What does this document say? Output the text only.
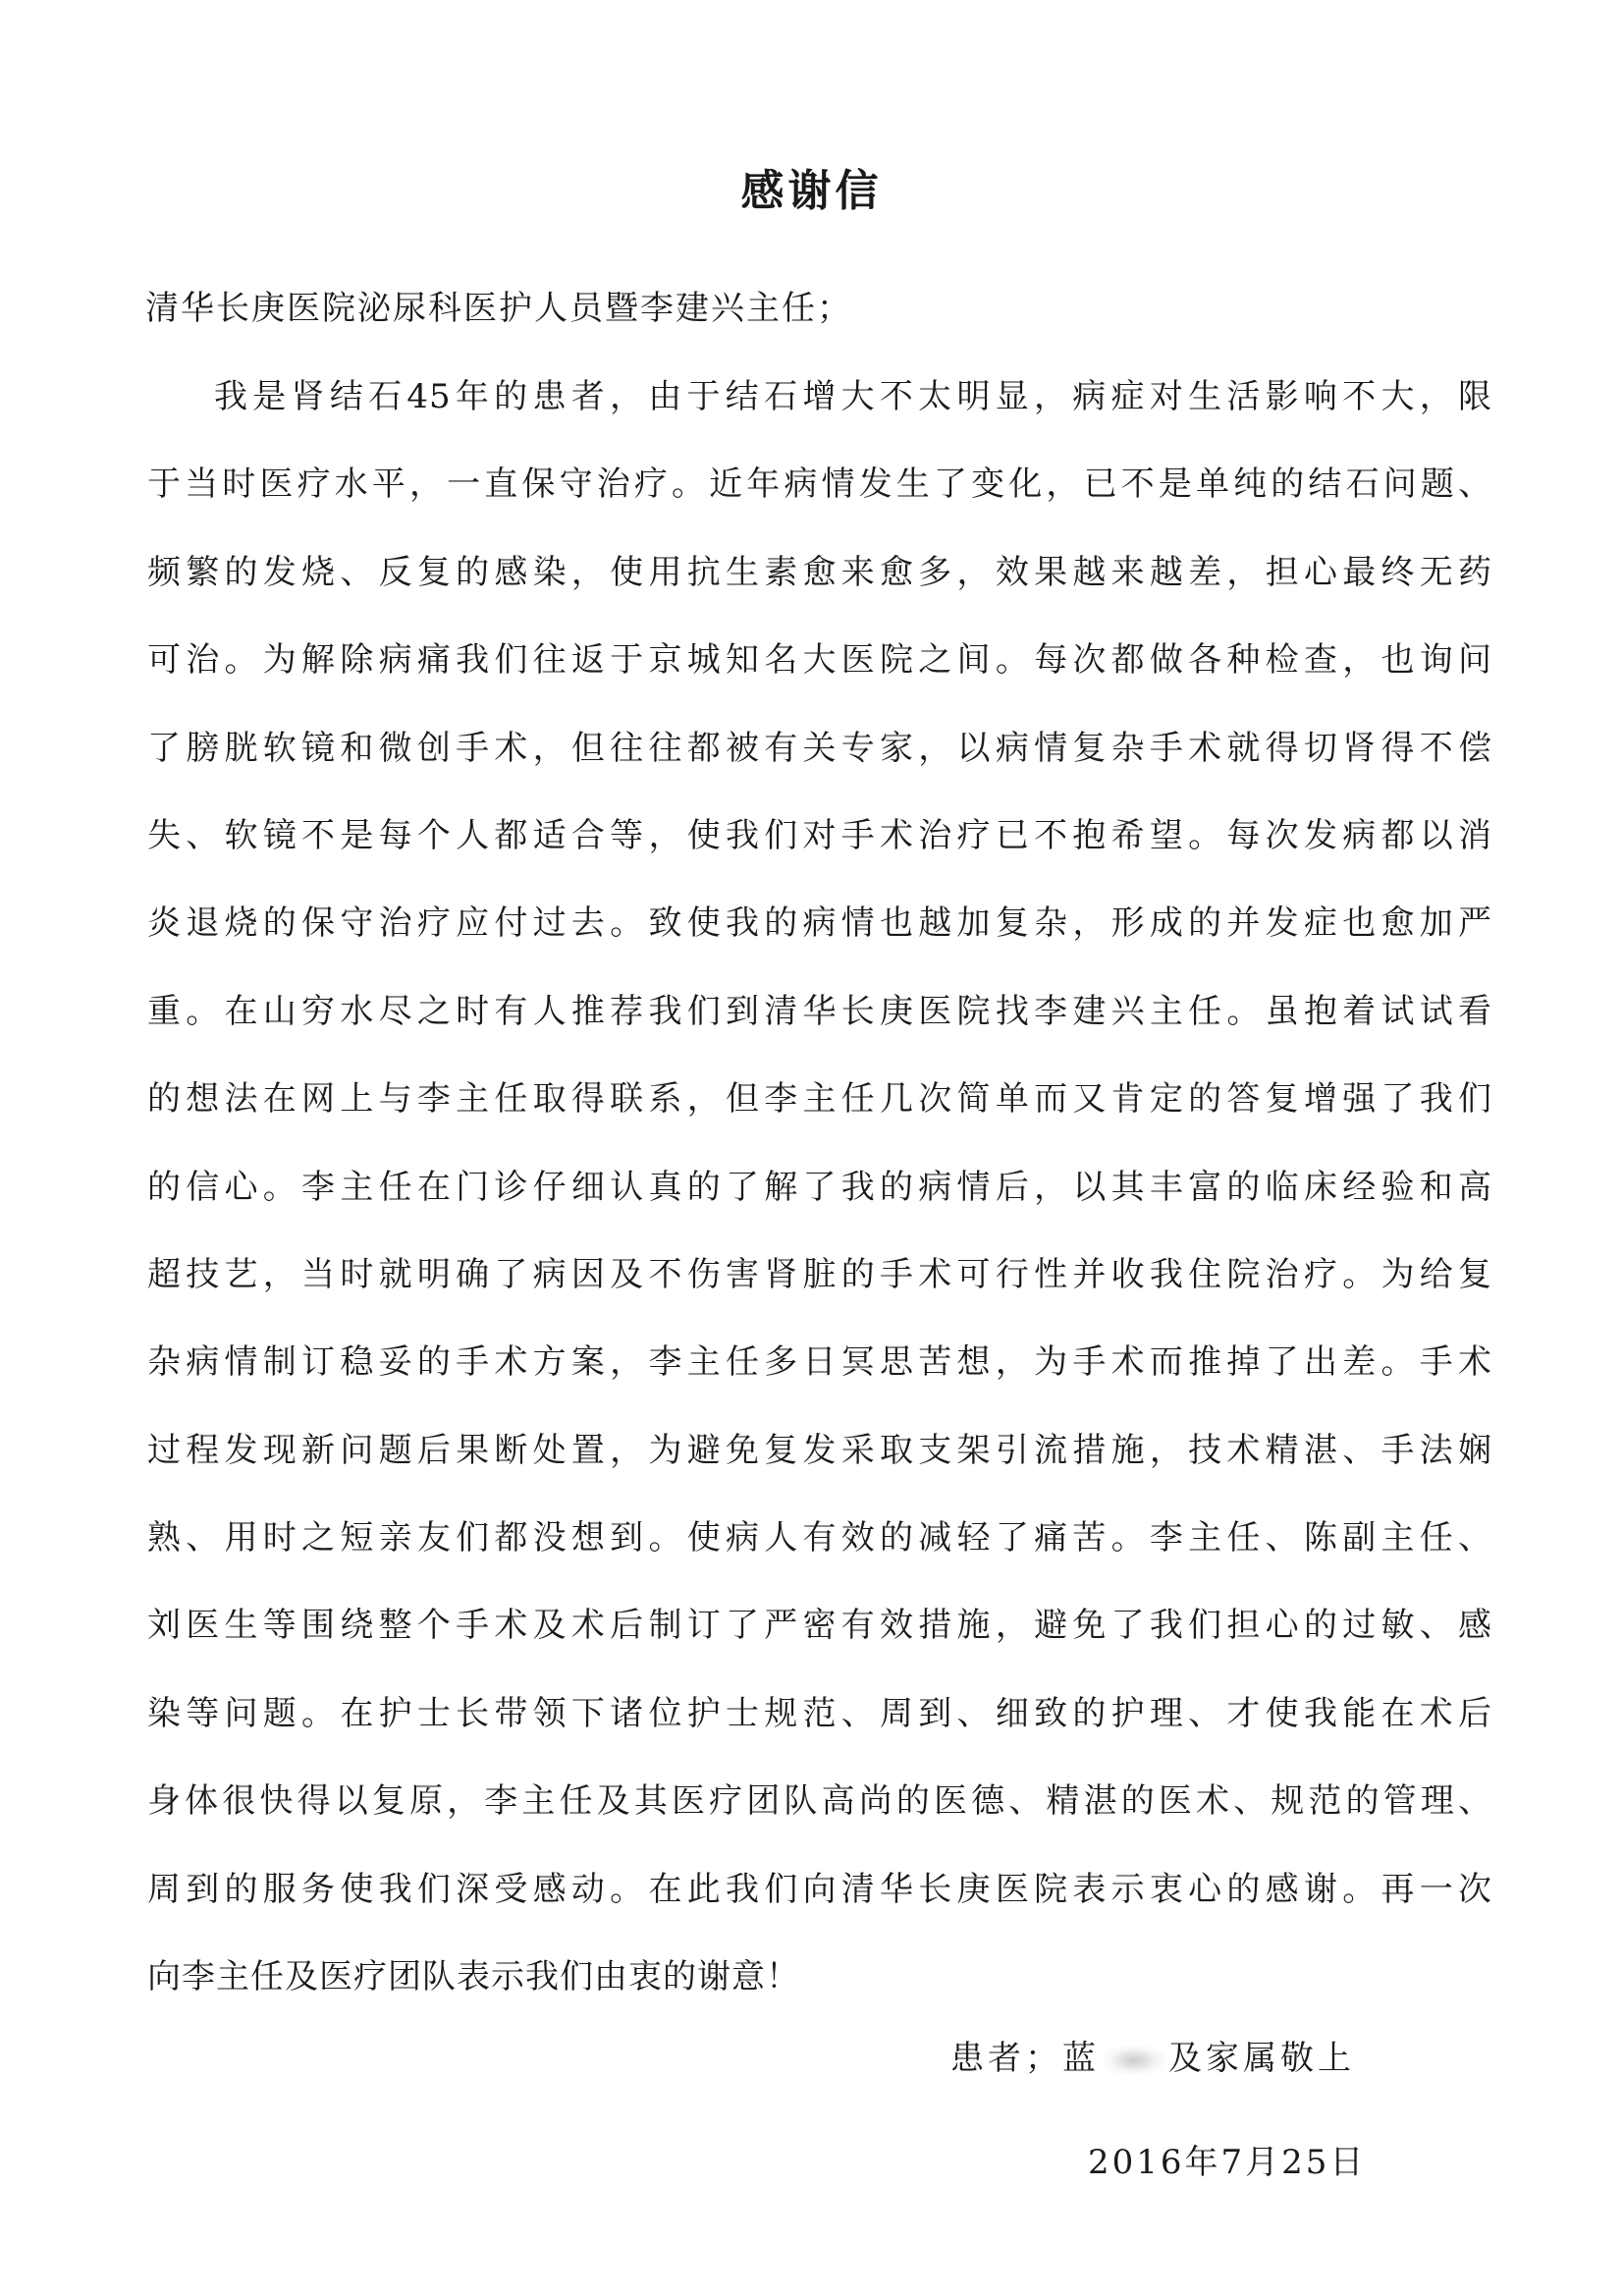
感谢信
清华长庚医院泌尿科医护人员暨李建兴主任；
我是肾结石45年的患者，由于结石增大不太明显，病症对生活影响不大，限
于当时医疗水平，一直保守治疗。近年病情发生了变化，已不是单纯的结石问题、
频繁的发烧、反复的感染，使用抗生素愈来愈多，效果越来越差，担心最终无药
可治。为解除病痛我们往返于京城知名大医院之间。每次都做各种检查，也询问
了膀胱软镜和微创手术，但往往都被有关专家，以病情复杂手术就得切肾得不偿
失、软镜不是每个人都适合等，使我们对手术治疗已不抱希望。每次发病都以消
炎退烧的保守治疗应付过去。致使我的病情也越加复杂，形成的并发症也愈加严
重。在山穷水尽之时有人推荐我们到清华长庚医院找李建兴主任。虽抱着试试看
的想法在网上与李主任取得联系，但李主任几次简单而又肯定的答复增强了我们
的信心。李主任在门诊仔细认真的了解了我的病情后，以其丰富的临床经验和高
超技艺，当时就明确了病因及不伤害肾脏的手术可行性并收我住院治疗。为给复
杂病情制订稳妥的手术方案，李主任多日冥思苦想，为手术而推掉了出差。手术
过程发现新问题后果断处置，为避免复发采取支架引流措施，技术精湛、手法娴
熟、用时之短亲友们都没想到。使病人有效的减轻了痛苦。李主任、陈副主任、
刘医生等围绕整个手术及术后制订了严密有效措施，避免了我们担心的过敏、感
染等问题。在护士长带领下诸位护士规范、周到、细致的护理、才使我能在术后
身体很快得以复原，李主任及其医疗团队高尚的医德、精湛的医术、规范的管理、
周到的服务使我们深受感动。在此我们向清华长庚医院表示衷心的感谢。再一次
向李主任及医疗团队表示我们由衷的谢意！
患者；蓝 及家属敬上
2016年7月25日
